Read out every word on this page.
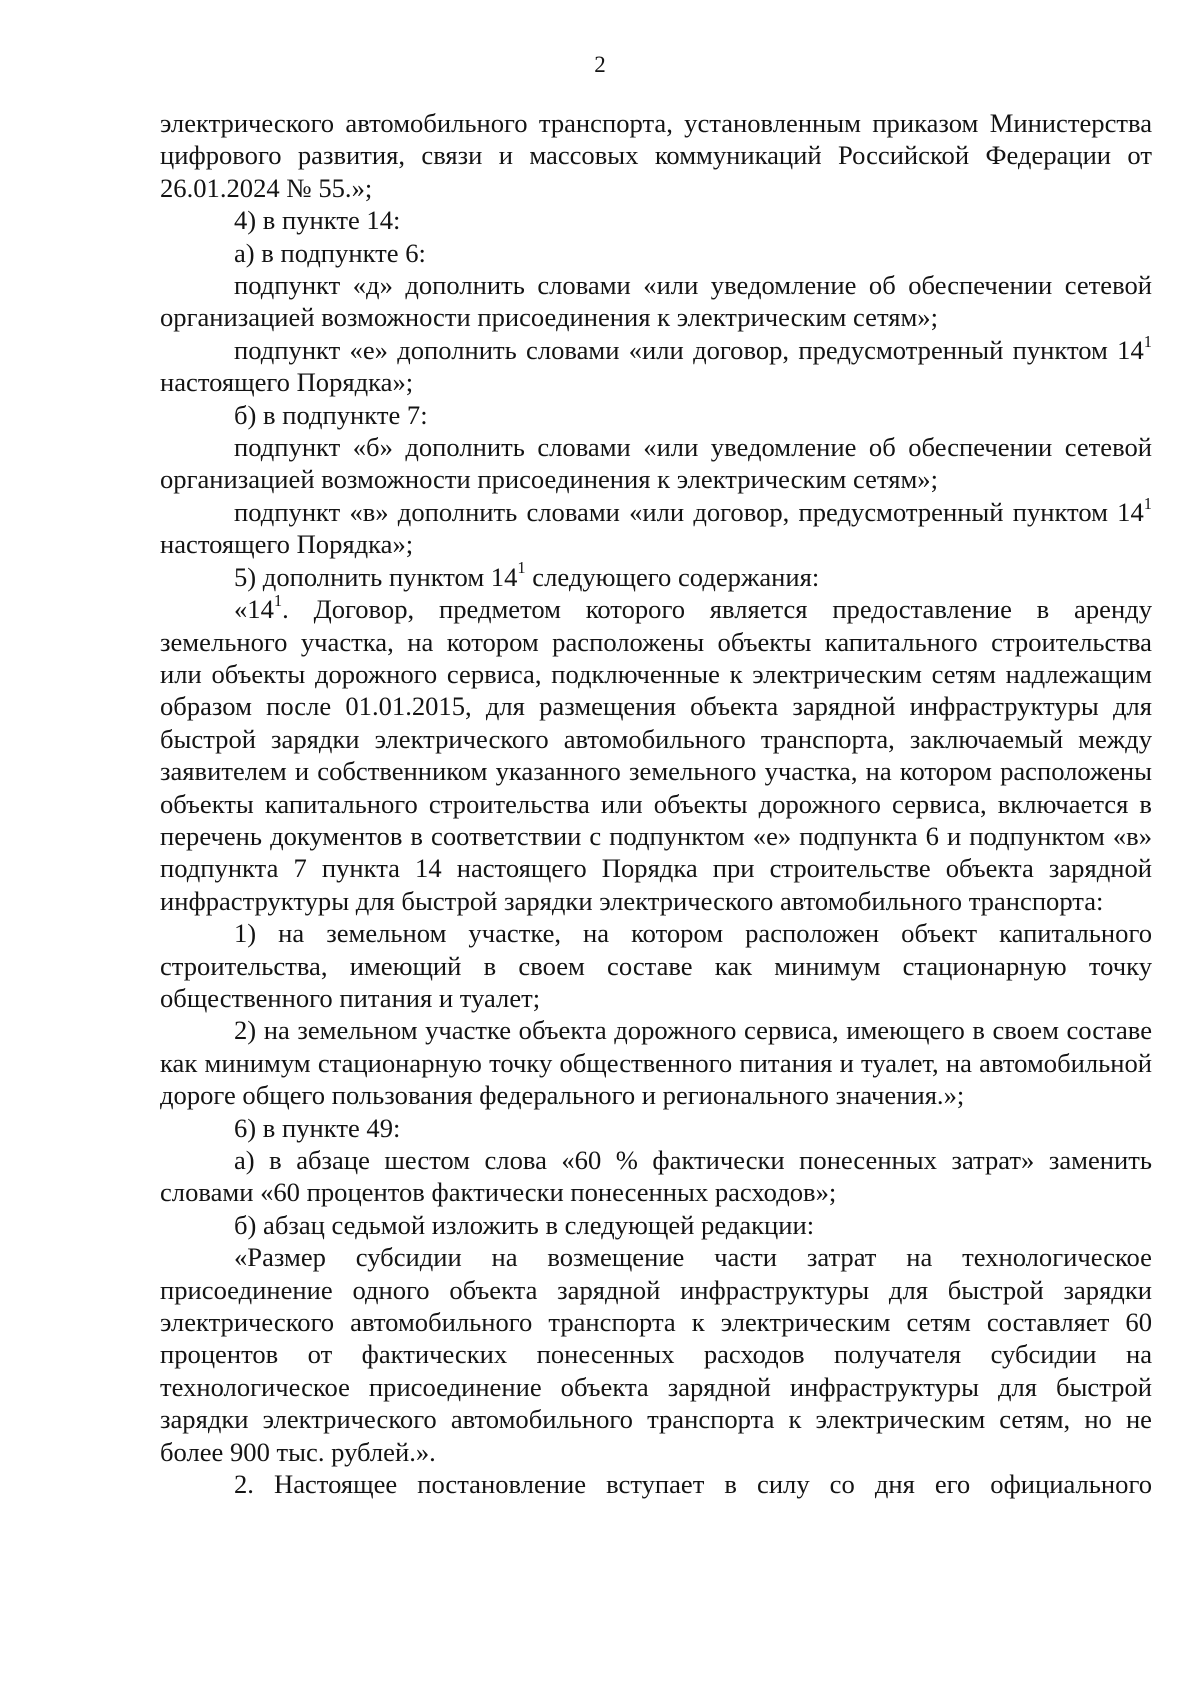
2

электрического автомобильного транспорта, установленным приказом Министерства цифрового развития, связи и массовых коммуникаций Российской Федерации от 26.01.2024 № 55.»;

4) в пункте 14:

а) в подпункте 6:

подпункт «д» дополнить словами «или уведомление об обеспечении сетевой организацией возможности присоединения к электрическим сетям»;

подпункт «е» дополнить словами «или договор, предусмотренный пунктом $14^1$ настоящего Порядка»;

б) в подпункте 7:

подпункт «б» дополнить словами «или уведомление об обеспечении сетевой организацией возможности присоединения к электрическим сетям»;

подпункт «в» дополнить словами «или договор, предусмотренный пунктом $14^1$ настоящего Порядка»;

5) дополнить пунктом $14^1$ следующего содержания:

«$14^1$. Договор, предметом которого является предоставление в аренду земельного участка, на котором расположены объекты капитального строительства или объекты дорожного сервиса, подключенные к электрическим сетям надлежащим образом после 01.01.2015, для размещения объекта зарядной инфраструктуры для быстрой зарядки электрического автомобильного транспорта, заключаемый между заявителем и собственником указанного земельного участка, на котором расположены объекты капитального строительства или объекты дорожного сервиса, включается в перечень документов в соответствии с подпунктом «е» подпункта 6 и подпунктом «в» подпункта 7 пункта 14 настоящего Порядка при строительстве объекта зарядной инфраструктуры для быстрой зарядки электрического автомобильного транспорта:

1) на земельном участке, на котором расположен объект капитального строительства, имеющий в своем составе как минимум стационарную точку общественного питания и туалет;

2) на земельном участке объекта дорожного сервиса, имеющего в своем составе как минимум стационарную точку общественного питания и туалет, на автомобильной дороге общего пользования федерального и регионального значения.»;

6) в пункте 49:

а) в абзаце шестом слова «60 % фактически понесенных затрат» заменить словами «60 процентов фактически понесенных расходов»;

б) абзац седьмой изложить в следующей редакции:

«Размер субсидии на возмещение части затрат на технологическое присоединение одного объекта зарядной инфраструктуры для быстрой зарядки электрического автомобильного транспорта к электрическим сетям составляет 60 процентов от фактических понесенных расходов получателя субсидии на технологическое присоединение объекта зарядной инфраструктуры для быстрой зарядки электрического автомобильного транспорта к электрическим сетям, но не более 900 тыс. рублей.».

2. Настоящее постановление вступает в силу со дня его официального
